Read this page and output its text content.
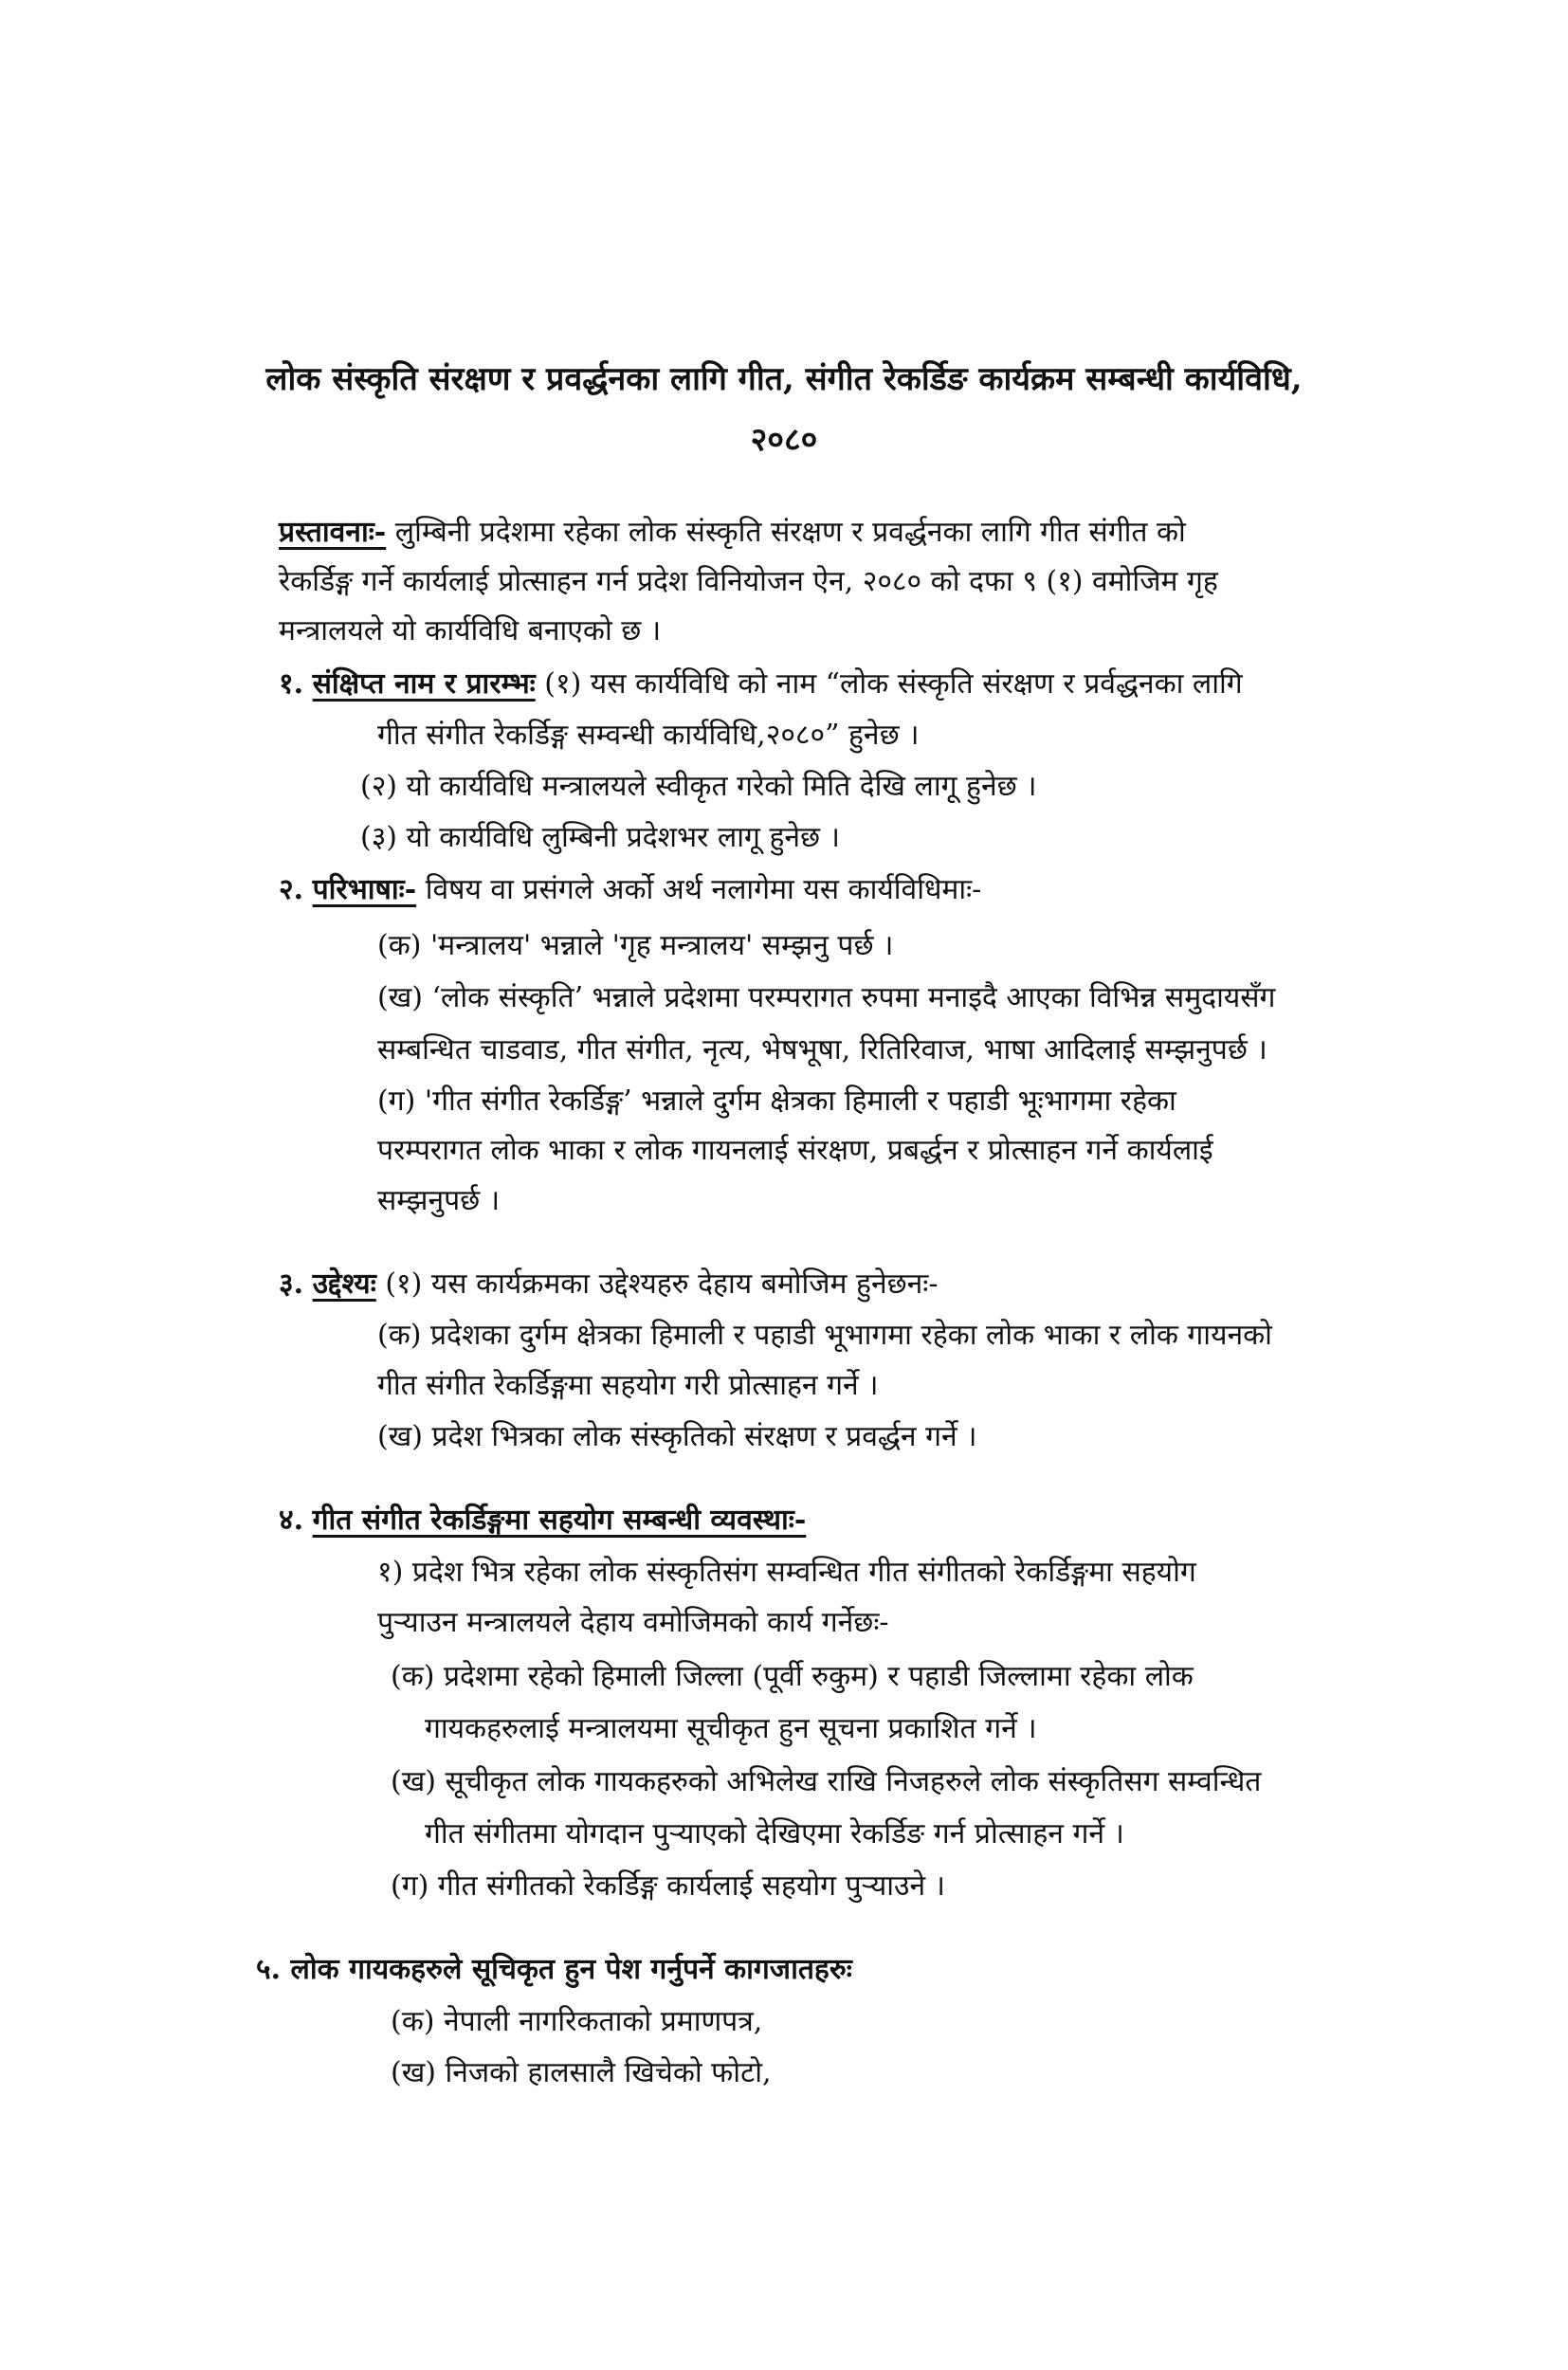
लोक संस्कृति संरक्षण र प्रवर्द्धनका लागि गीत, संगीत रेकर्डिङ कार्यक्रम सम्बन्धी कार्यविधि,
२०८०
प्रस्तावनाः- लुम्बिनी प्रदेशमा रहेका लोक संस्कृति संरक्षण र प्रवर्द्धनका लागि गीत संगीत को
रेकर्डिङ्ग गर्ने कार्यलाई प्रोत्साहन गर्न प्रदेश विनियोजन ऐन, २०८० को दफा ९ (१) वमोजिम गृह
मन्त्रालयले यो कार्यविधि बनाएको छ ।
१. संक्षिप्त नाम र प्रारम्भः (१) यस कार्यविधि को नाम “लोक संस्कृति संरक्षण र प्रर्वद्धनका लागि
गीत संगीत रेकर्डिङ्ग सम्वन्धी कार्यविधि,२०८०” हुनेछ ।
(२) यो कार्यविधि मन्त्रालयले स्वीकृत गरेको मिति देखि लागू हुनेछ ।
(३) यो कार्यविधि लुम्बिनी प्रदेशभर लागू हुनेछ ।
२. परिभाषाः- विषय वा प्रसंगले अर्को अर्थ नलागेमा यस कार्यविधिमाः-
(क) 'मन्त्रालय' भन्नाले 'गृह मन्त्रालय' सम्झनु पर्छ ।
(ख) ‘लोक संस्कृति’ भन्नाले प्रदेशमा परम्परागत रुपमा मनाइदै आएका विभिन्न समुदायसँग
सम्बन्धित चाडवाड, गीत संगीत, नृत्य, भेषभूषा, रितिरिवाज, भाषा आदिलाई सम्झनुपर्छ ।
(ग) 'गीत संगीत रेकर्डिङ्ग’ भन्नाले दुर्गम क्षेत्रका हिमाली र पहाडी भूःभागमा रहेका
परम्परागत लोक भाका र लोक गायनलाई संरक्षण, प्रबर्द्धन र प्रोत्साहन गर्ने कार्यलाई
सम्झनुपर्छ ।
३. उद्देश्यः (१) यस कार्यक्रमका उद्देश्यहरु देहाय बमोजिम हुनेछनः-
(क) प्रदेशका दुर्गम क्षेत्रका हिमाली र पहाडी भूभागमा रहेका लोक भाका र लोक गायनको
गीत संगीत रेकर्डिङ्गमा सहयोग गरी प्रोत्साहन गर्ने ।
(ख) प्रदेश भित्रका लोक संस्कृतिको संरक्षण र प्रवर्द्धन गर्ने ।
४. गीत संगीत रेकर्डिङ्गमा सहयोग सम्बन्धी व्यवस्थाः-
१) प्रदेश भित्र रहेका लोक संस्कृतिसंग सम्वन्धित गीत संगीतको रेकर्डिङ्गमा सहयोग
पुर्‍याउन मन्त्रालयले देहाय वमोजिमको कार्य गर्नेछः-
(क) प्रदेशमा रहेको हिमाली जिल्ला (पूर्वी रुकुम) र पहाडी जिल्लामा रहेका लोक
गायकहरुलाई मन्त्रालयमा सूचीकृत हुन सूचना प्रकाशित गर्ने ।
(ख) सूचीकृत लोक गायकहरुको अभिलेख राखि निजहरुले लोक संस्कृतिसग सम्वन्धित
गीत संगीतमा योगदान पुर्‍याएको देखिएमा रेकर्डिङ गर्न प्रोत्साहन गर्ने ।
(ग) गीत संगीतको रेकर्डिङ्ग कार्यलाई सहयोग पुर्‍याउने ।
५. लोक गायकहरुले सूचिकृत हुन पेश गर्नुपर्ने कागजातहरुः
(क) नेपाली नागरिकताको प्रमाणपत्र,
(ख) निजको हालसालै खिचेको फोटो,
